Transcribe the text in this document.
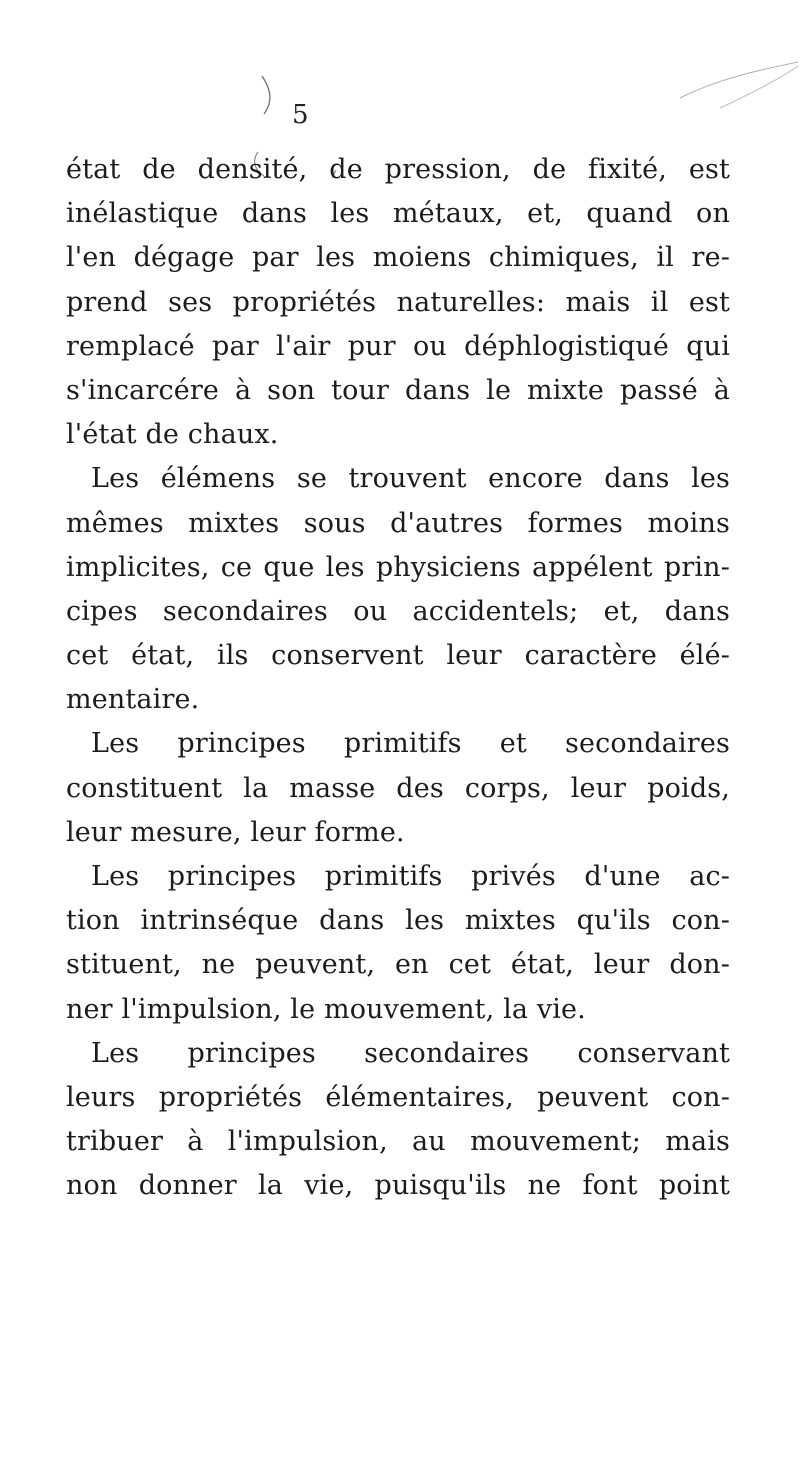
5
état de densité, de pression, de fixité, est
inélastique dans les métaux, et, quand on
l'en dégage par les moiens chimiques, il re-
prend ses propriétés naturelles: mais il est
remplacé par l'air pur ou déphlogistiqué qui
s'incarcére à son tour dans le mixte passé à
l'état de chaux.
Les élémens se trouvent encore dans les
mêmes mixtes sous d'autres formes moins
implicites, ce que les physiciens appélent prin-
cipes secondaires ou accidentels; et, dans
cet état, ils conservent leur caractère élé-
mentaire.
Les principes primitifs et secondaires
constituent la masse des corps, leur poids,
leur mesure, leur forme.
Les principes primitifs privés d'une ac-
tion intrinséque dans les mixtes qu'ils con-
stituent, ne peuvent, en cet état, leur don-
ner l'impulsion, le mouvement, la vie.
Les principes secondaires conservant
leurs propriétés élémentaires, peuvent con-
tribuer à l'impulsion, au mouvement; mais
non donner la vie, puisqu'ils ne font point
